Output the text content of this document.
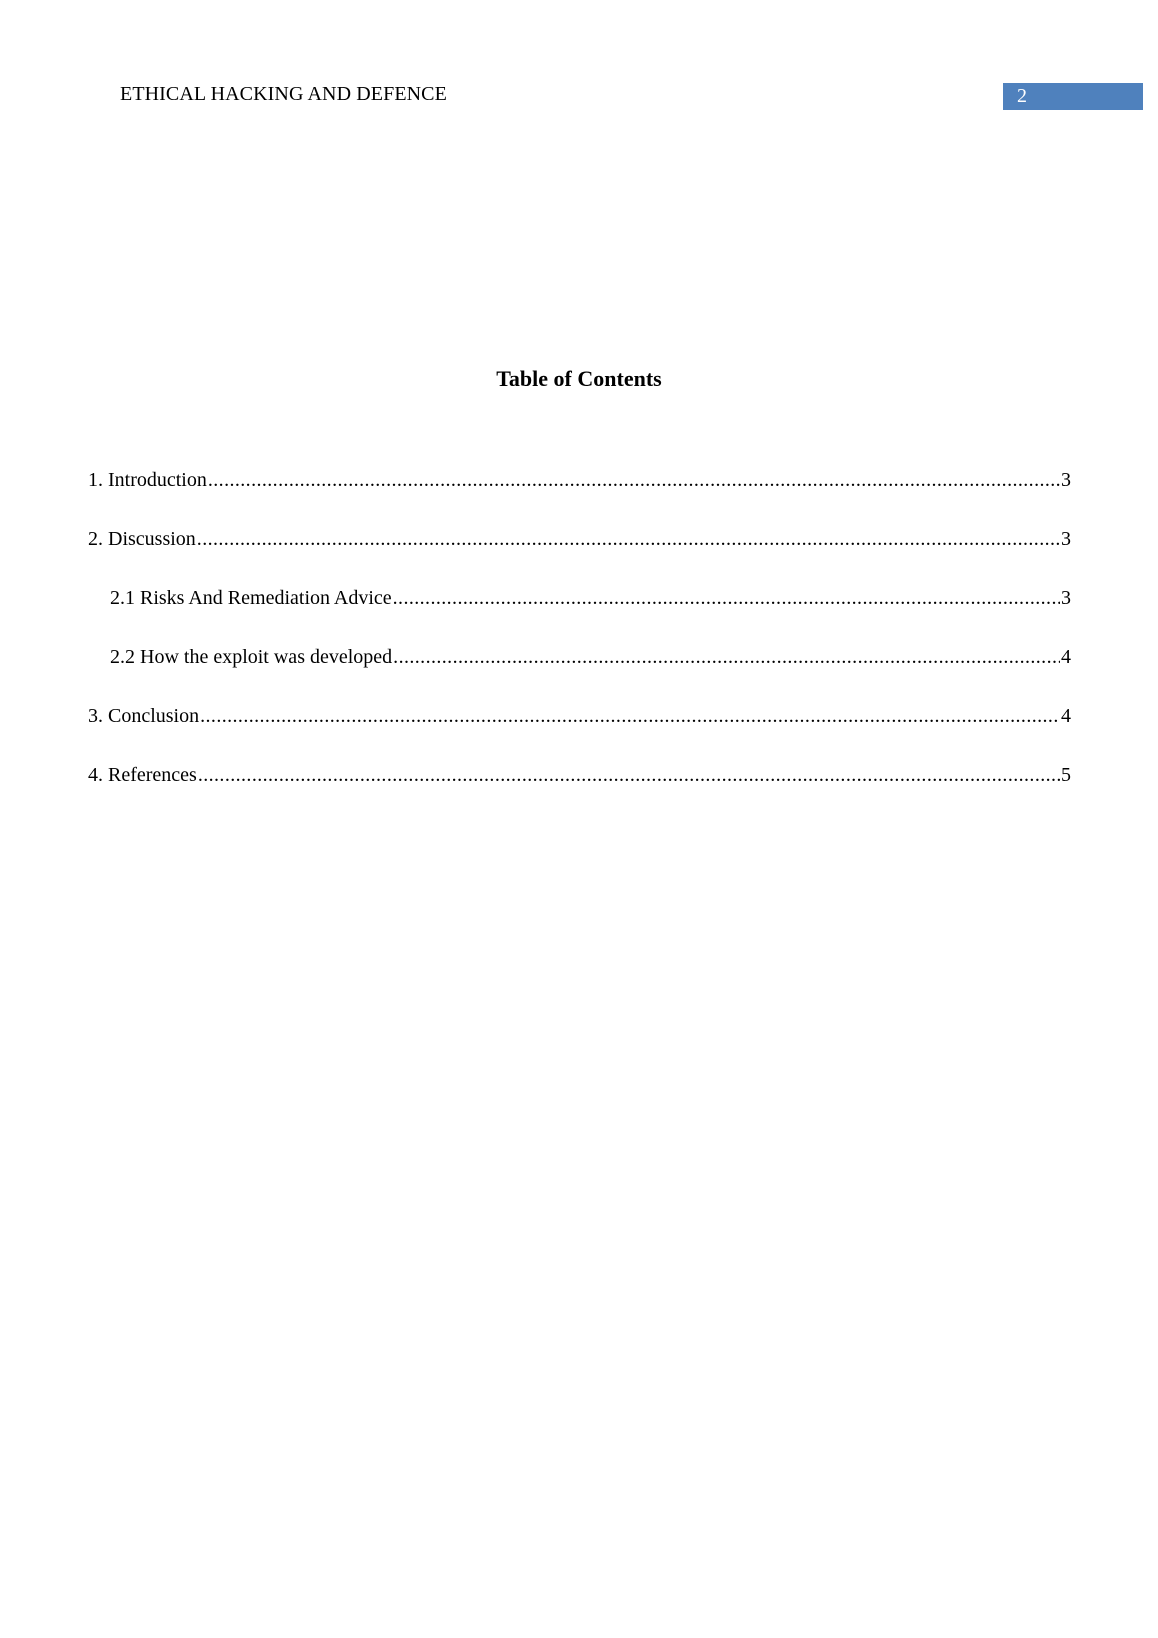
ETHICAL HACKING AND DEFENCE	2
Table of Contents
1. Introduction .....	3
2. Discussion .....	3
2.1 Risks And Remediation Advice .....	3
2.2 How the exploit was developed .....	4
3. Conclusion .....	4
4. References .....	5
